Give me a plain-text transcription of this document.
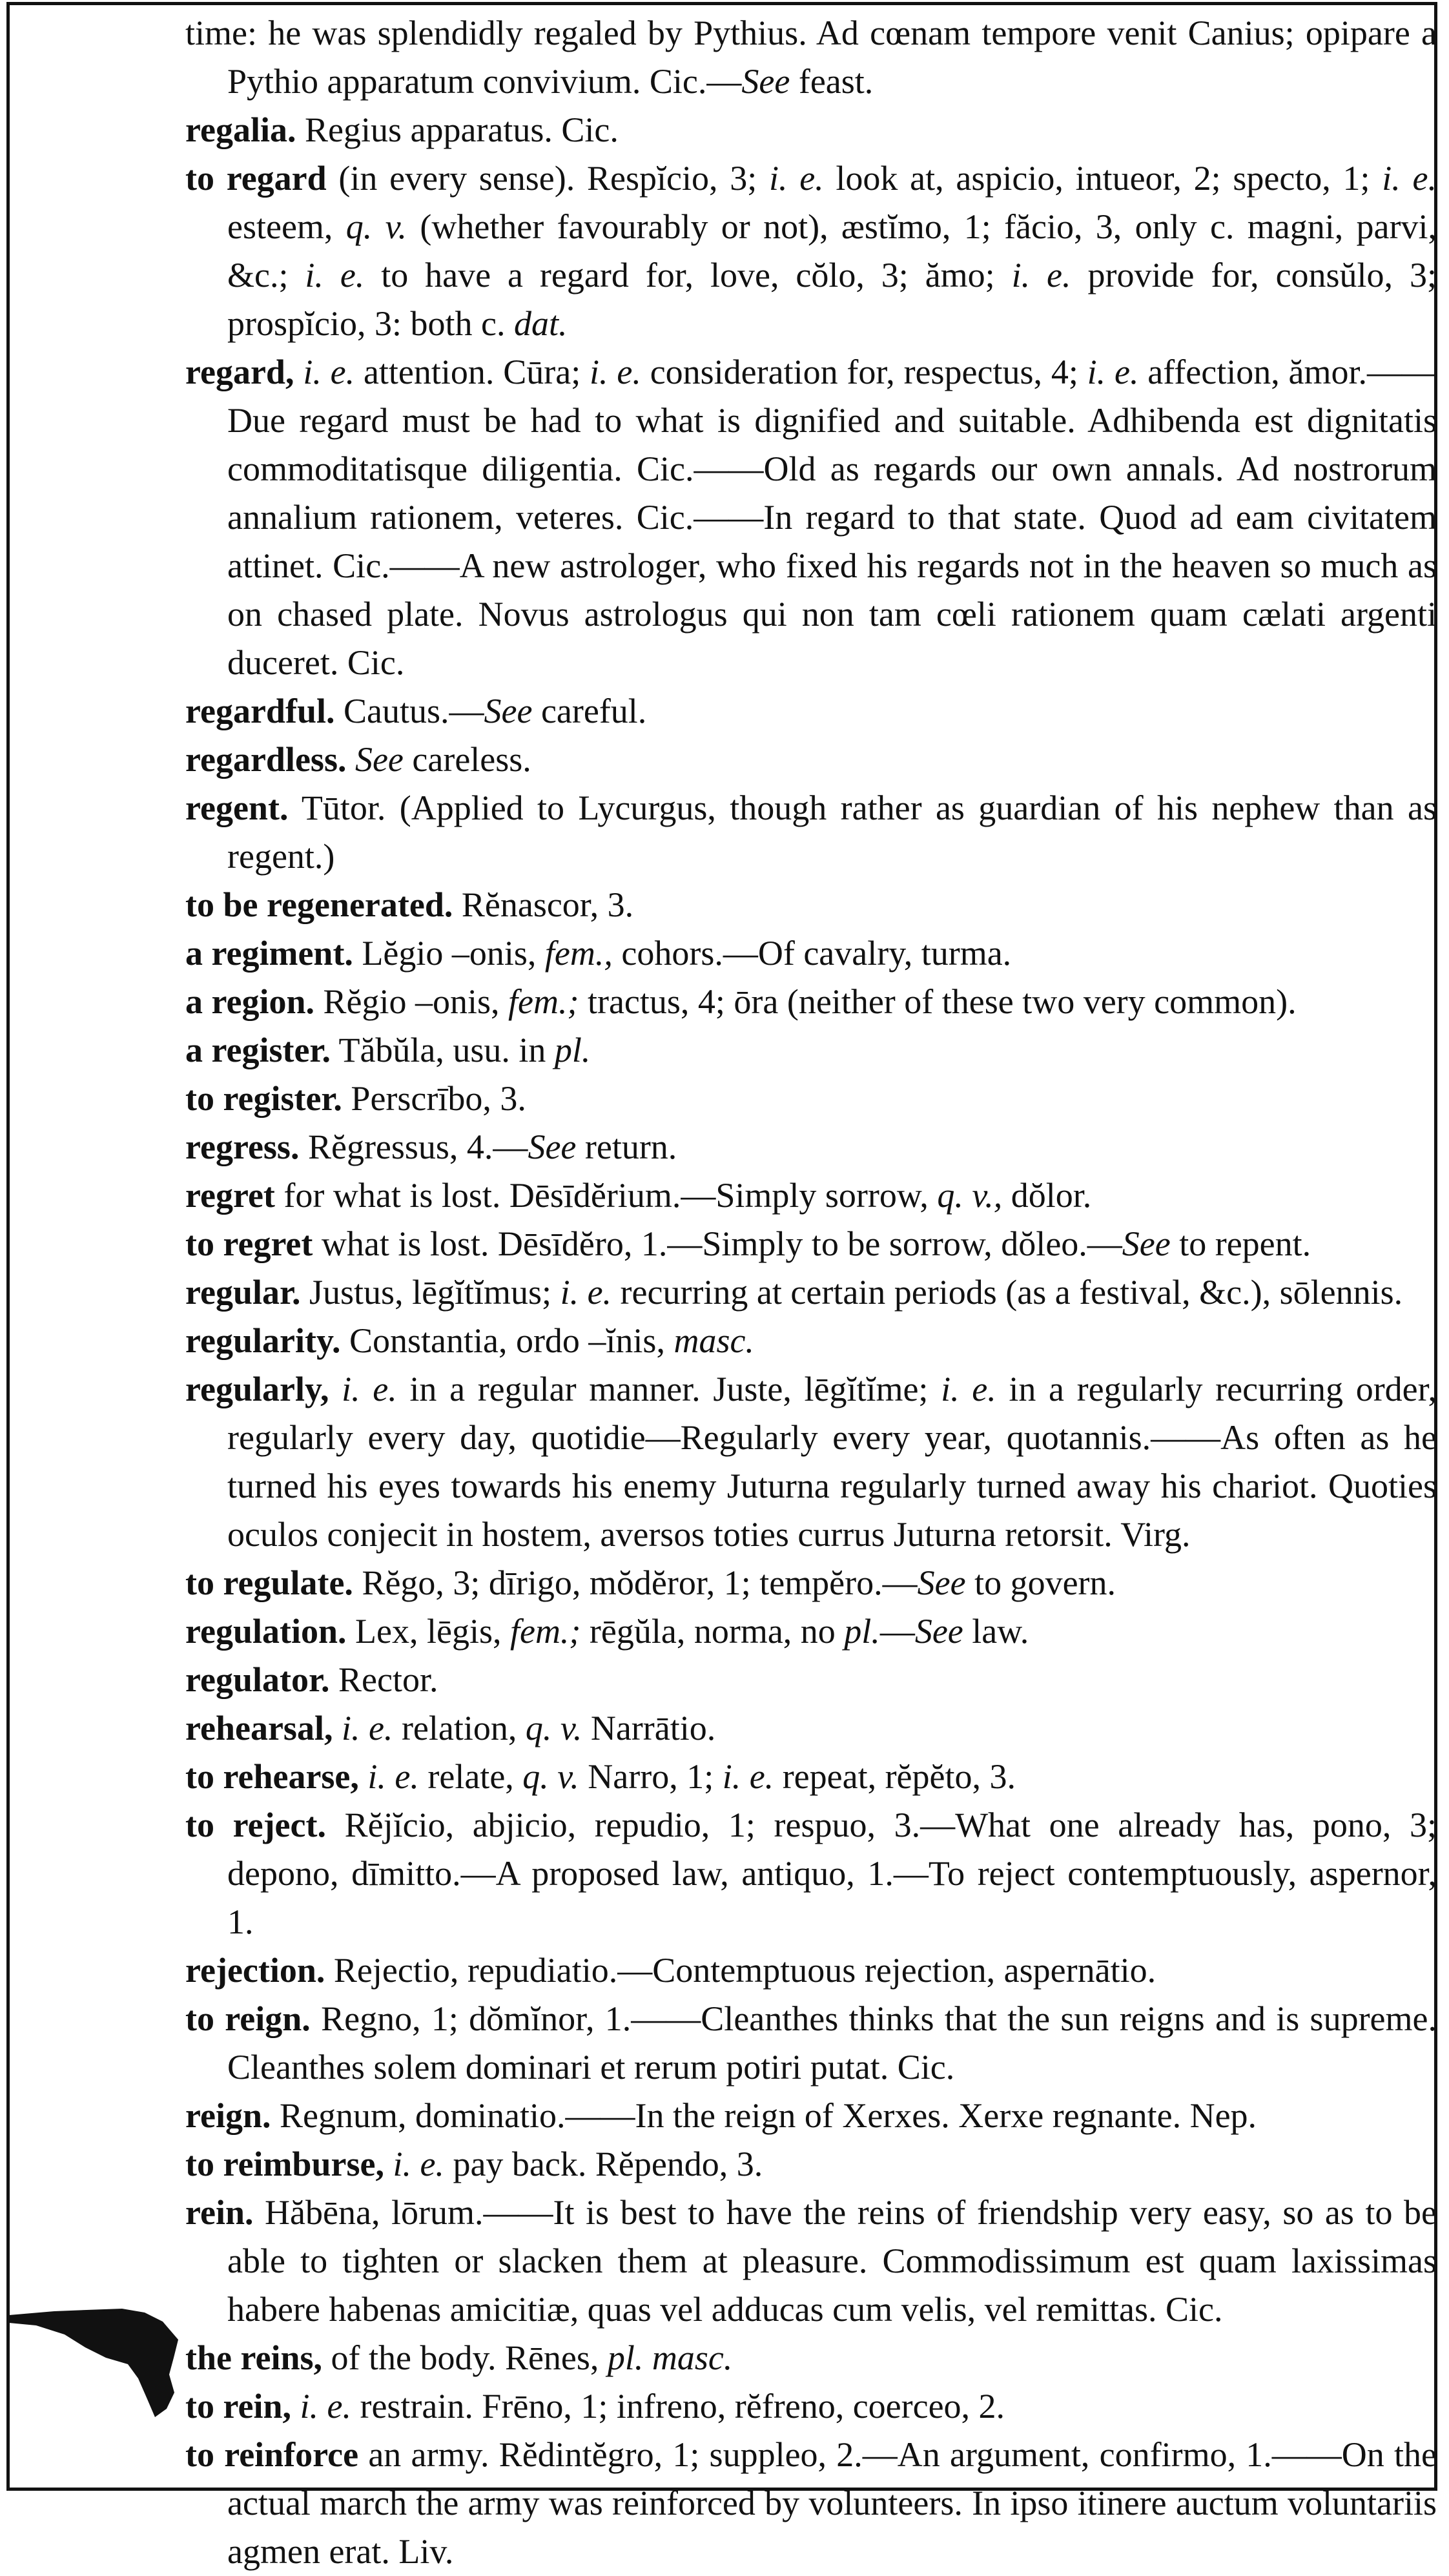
time: he was splendidly regaled by Pythius. Ad cœnam tempore venit Canius; opipare a Pythio apparatum convivium. Cic.—See feast.

regalia. Regius apparatus. Cic.

to regard (in every sense). Respĭcio, 3; i. e. look at, aspicio, intueor, 2; specto, 1; i. e. esteem, q. v. (whether favourably or not), æstĭmo, 1; făcio, 3, only c. magni, parvi, &c.; i. e. to have a regard for, love, cŏlo, 3; ămo; i. e. provide for, consŭlo, 3; prospĭcio, 3: both c. dat.

regard, i. e. attention. Cūra; i. e. consideration for, respectus, 4; i. e. affection, ămor.——Due regard must be had to what is dignified and suitable. Adhibenda est dignitatis commoditatisque diligentia. Cic.——Old as regards our own annals. Ad nostrorum annalium rationem, veteres. Cic.——In regard to that state. Quod ad eam civitatem attinet. Cic.——A new astrologer, who fixed his regards not in the heaven so much as on chased plate. Novus astrologus qui non tam cœli rationem quam cælati argenti duceret. Cic.

regardful. Cautus.—See careful.

regardless. See careless.

regent. Tūtor. (Applied to Lycurgus, though rather as guardian of his nephew than as regent.)

to be regenerated. Rĕnascor, 3.

a regiment. Lĕgio –onis, fem., cohors.—Of cavalry, turma.

a region. Rĕgio –onis, fem.; tractus, 4; ōra (neither of these two very common).

a register. Tăbŭla, usu. in pl.

to register. Perscrībo, 3.

regress. Rĕgressus, 4.—See return.

regret for what is lost. Dēsīdĕrium.—Simply sorrow, q. v., dŏlor.

to regret what is lost. Dēsīdĕro, 1.—Simply to be sorrow, dŏleo.—See to repent.

regular. Justus, lēgĭtĭmus; i. e. recurring at certain periods (as a festival, &c.), sōlennis.

regularity. Constantia, ordo –ĭnis, masc.

regularly, i. e. in a regular manner. Juste, lēgĭtĭme; i. e. in a regularly recurring order, regularly every day, quotidie—Regularly every year, quotannis.——As often as he turned his eyes towards his enemy Juturna regularly turned away his chariot. Quoties oculos conjecit in hostem, aversos toties currus Juturna retorsit. Virg.

to regulate. Rĕgo, 3; dīrigo, mŏdĕror, 1; tempĕro.—See to govern.

regulation. Lex, lēgis, fem.; rēgŭla, norma, no pl.—See law.

regulator. Rector.

rehearsal, i. e. relation, q. v. Narrātio.

to rehearse, i. e. relate, q. v. Narro, 1; i. e. repeat, rĕpĕto, 3.

to reject. Rĕjĭcio, abjicio, repudio, 1; respuo, 3.—What one already has, pono, 3; depono, dīmitto.—A proposed law, antiquo, 1.—To reject contemptuously, aspernor, 1.

rejection. Rejectio, repudiatio.—Contemptuous rejection, aspernātio.

to reign. Regno, 1; dŏmĭnor, 1.——Cleanthes thinks that the sun reigns and is supreme. Cleanthes solem dominari et rerum potiri putat. Cic.

reign. Regnum, dominatio.——In the reign of Xerxes. Xerxe regnante. Nep.

to reimburse, i. e. pay back. Rĕpendo, 3.

rein. Hăbēna, lōrum.——It is best to have the reins of friendship very easy, so as to be able to tighten or slacken them at pleasure. Commodissimum est quam laxissimas habere habenas amicitiæ, quas vel adducas cum velis, vel remittas. Cic.

the reins, of the body. Rēnes, pl. masc.

to rein, i. e. restrain. Frēno, 1; infreno, rĕfreno, coerceo, 2.

to reinforce an army. Rĕdintĕgro, 1; suppleo, 2.—An argument, confirmo, 1.——On the actual march the army was reinforced by volunteers. In ipso itinere auctum voluntariis agmen erat. Liv.
